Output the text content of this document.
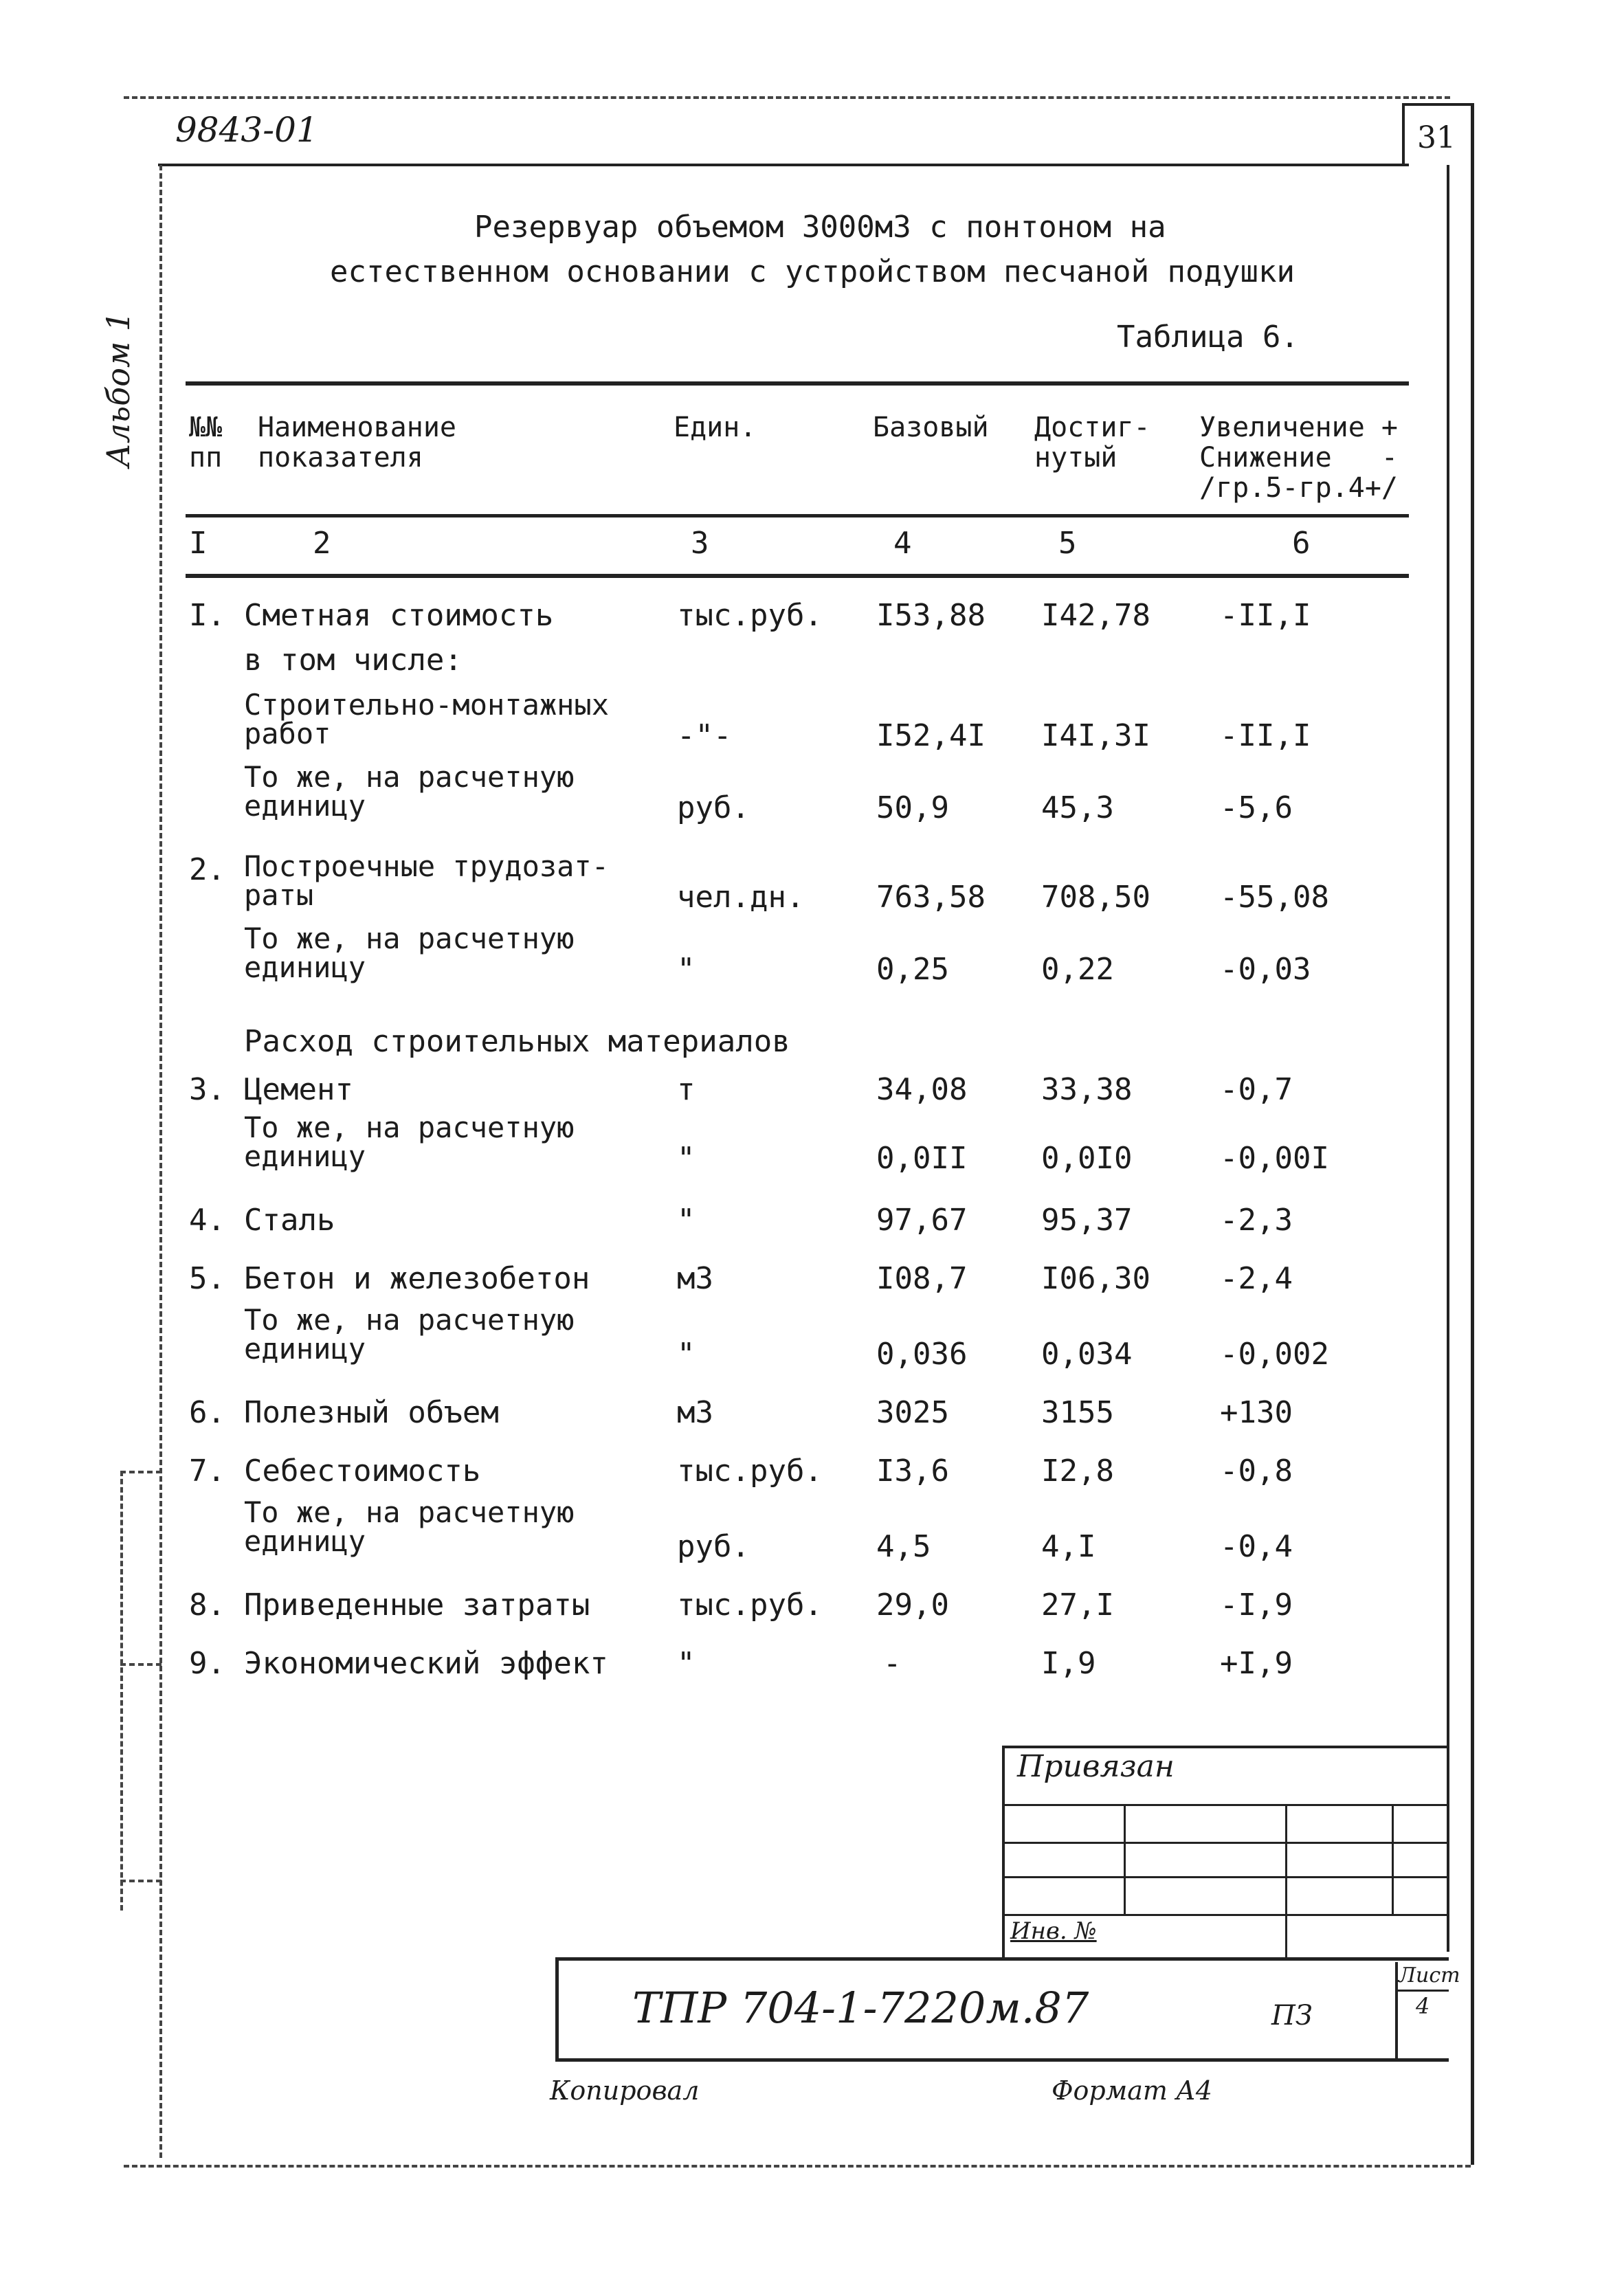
9843-01	31
Альбом 1
Резервуар объемом 3000м3 с понтоном на
естественном основании с устройством песчаной подушки
Таблица 6.
№№
пп
Наименование
показателя
Един.	Базовый Достиг-
нутый
Увеличение +
Снижение   -
/гр.5-гр.4+/
I	2	3	4	5	6
I. Сметная стоимость	тыс.руб. I53,88 I42,78 -II,I
в том числе:
Строительно-монтажных
работ	-"-	I52,4I I4I,3I -II,I
То же, на расчетную
единицу	руб.	50,9	45,3	-5,6
2. Построечные трудозат-
раты	чел.дн. 763,58 708,50 -55,08
То же, на расчетную
единицу	"	0,25	0,22	-0,03
Расход строительных материалов
3. Цемент	т	34,08 33,38	-0,7
То же, на расчетную
единицу	"	0,0II 0,0I0	-0,00I
4. Сталь	"	97,67 95,37	-2,3
5. Бетон и железобетон	м3	I08,7 I06,30 -2,4
То же, на расчетную
единицу	"	0,036 0,034	-0,002
6. Полезный объем	м3	3025	3155	+130
7. Себестоимость	тыс.руб. I3,6	I2,8	-0,8
То же, на расчетную
единицу	руб.	4,5	4,I	-0,4
8. Приведенные затраты	тыс.руб. 29,0	27,I	-I,9
9. Экономический эффект "	-	I,9	+I,9
Привязан
Инв. №
ТПР 704-1-7220м.87	ПЗ
Лист
4
Копировал	Формат А4
